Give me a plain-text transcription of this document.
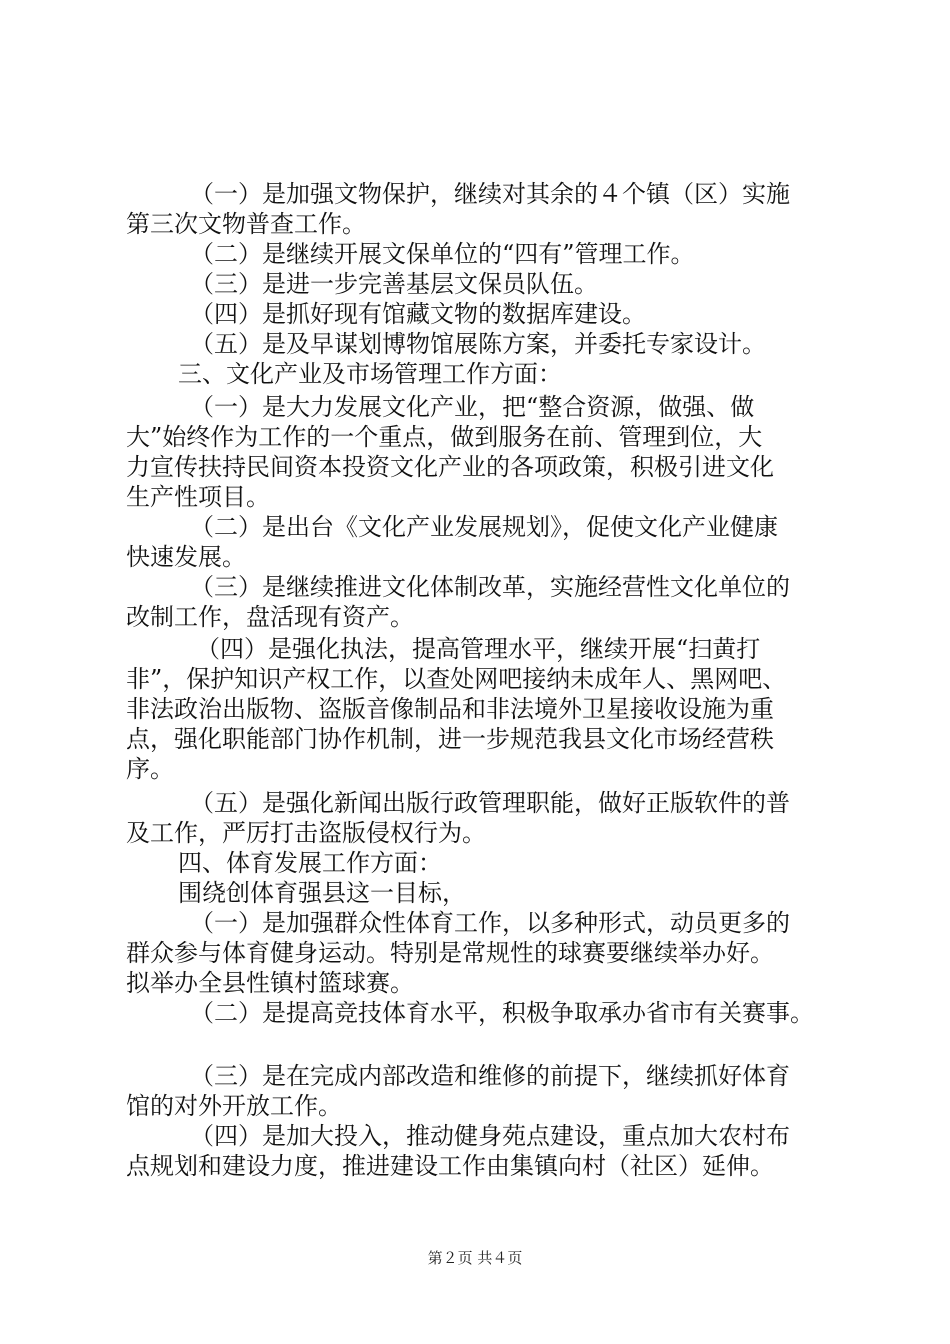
（一）是加强文物保护，继续对其余的４个镇（区）实施
第三次文物普查工作。
（二）是继续开展文保单位的“四有”管理工作。
（三）是进一步完善基层文保员队伍。
（四）是抓好现有馆藏文物的数据库建设。
（五）是及早谋划博物馆展陈方案，并委托专家设计。
三、文化产业及市场管理工作方面：
（一）是大力发展文化产业，把“整合资源，做强、做
大”始终作为工作的一个重点，做到服务在前、管理到位，大
力宣传扶持民间资本投资文化产业的各项政策，积极引进文化
生产性项目。
（二）是出台《文化产业发展规划》，促使文化产业健康
快速发展。
（三）是继续推进文化体制改革，实施经营性文化单位的
改制工作，盘活现有资产。
（四）是强化执法，提高管理水平，继续开展“扫黄打
非”，保护知识产权工作，以查处网吧接纳未成年人、黑网吧、
非法政治出版物、盗版音像制品和非法境外卫星接收设施为重
点，强化职能部门协作机制，进一步规范我县文化市场经营秩
序。
（五）是强化新闻出版行政管理职能，做好正版软件的普
及工作，严厉打击盗版侵权行为。
四、体育发展工作方面：
围绕创体育强县这一目标，
（一）是加强群众性体育工作，以多种形式，动员更多的
群众参与体育健身运动。特别是常规性的球赛要继续举办好。
拟举办全县性镇村篮球赛。
（二）是提高竞技体育水平，积极争取承办省市有关赛事。
（三）是在完成内部改造和维修的前提下，继续抓好体育
馆的对外开放工作。
（四）是加大投入，推动健身苑点建设，重点加大农村布
点规划和建设力度，推进建设工作由集镇向村（社区）延伸。
第２页 共４页
